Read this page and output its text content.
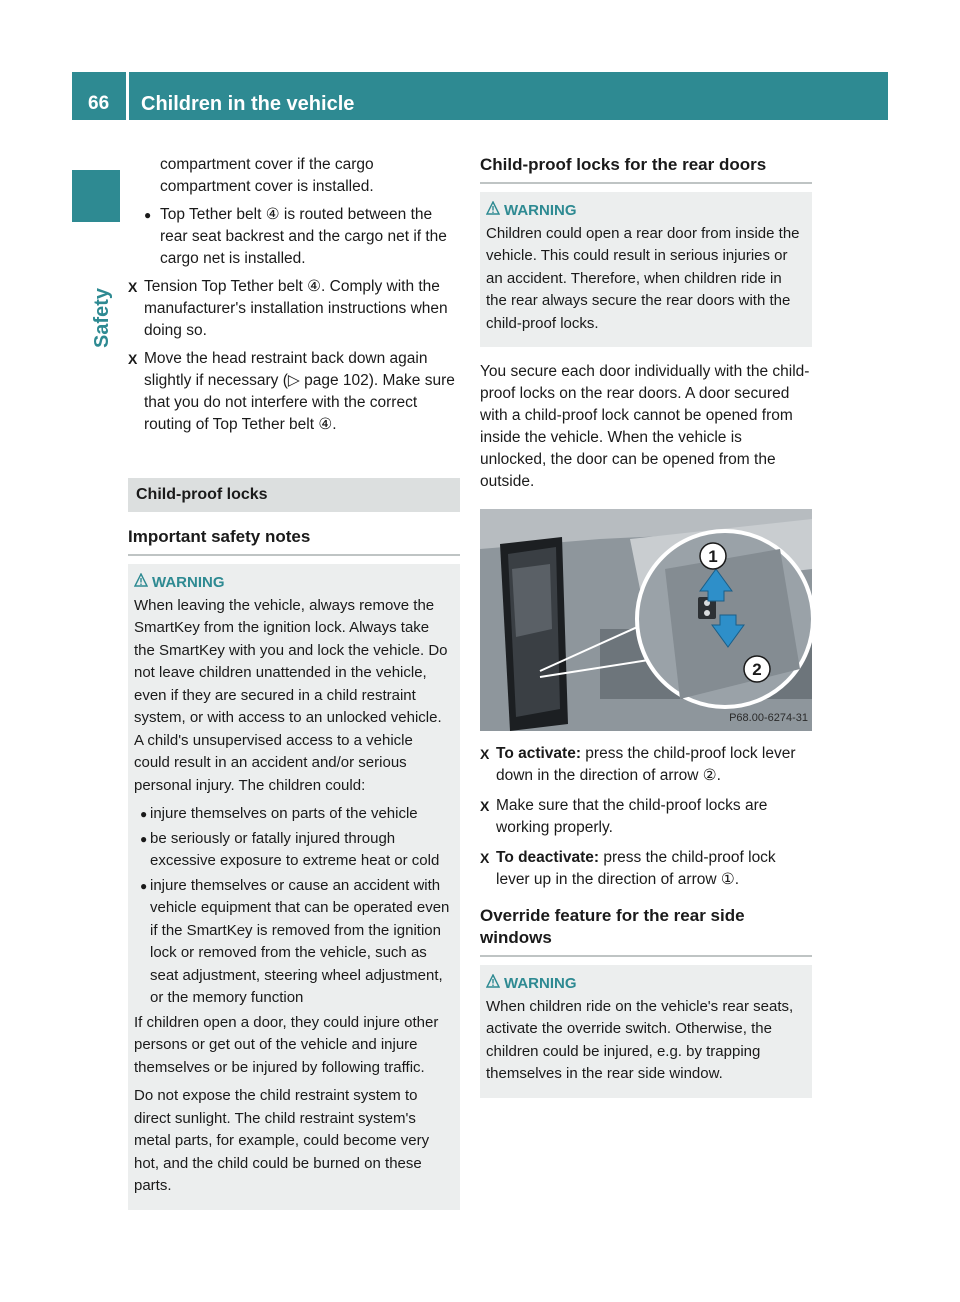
66	Children in the vehicle
Safety

compartment cover if the cargo compartment cover is installed.

● Top Tether belt ④ is routed between the rear seat backrest and the cargo net if the cargo net is installed.
X Tension Top Tether belt ④. Comply with the manufacturer's installation instructions when doing so.
X Move the head restraint back down again slightly if necessary (▷ page 102). Make sure that you do not interfere with the correct routing of Top Tether belt ④.
Child-proof locks
Important safety notes
WARNING

When leaving the vehicle, always remove the SmartKey from the ignition lock. Always take the SmartKey with you and lock the vehicle. Do not leave children unattended in the vehicle, even if they are secured in a child restraint system, or with access to an unlocked vehicle. A child's unsupervised access to a vehicle could result in an accident and/or serious personal injury. The children could:

● injure themselves on parts of the vehicle
● be seriously or fatally injured through excessive exposure to extreme heat or cold
● injure themselves or cause an accident with vehicle equipment that can be operated even if the SmartKey is removed from the ignition lock or removed from the vehicle, such as seat adjustment, steering wheel adjustment, or the memory function

If children open a door, they could injure other persons or get out of the vehicle and injure themselves or be injured by following traffic.

Do not expose the child restraint system to direct sunlight. The child restraint system's metal parts, for example, could become very hot, and the child could be burned on these parts.

Child-proof locks for the rear doors
WARNING

Children could open a rear door from inside the vehicle. This could result in serious injuries or an accident. Therefore, when children ride in the rear always secure the rear doors with the child-proof locks.

You secure each door individually with the child-proof locks on the rear doors. A door secured with a child-proof lock cannot be opened from inside the vehicle. When the vehicle is unlocked, the door can be opened from the outside.

1
2
P68.00-6274-31
X To activate: press the child-proof lock lever down in the direction of arrow ②.
X Make sure that the child-proof locks are working properly.
X To deactivate: press the child-proof lock lever up in the direction of arrow ①.
Override feature for the rear side windows
WARNING

When children ride on the vehicle's rear seats, activate the override switch. Otherwise, the children could be injured, e.g. by trapping themselves in the rear side window.
